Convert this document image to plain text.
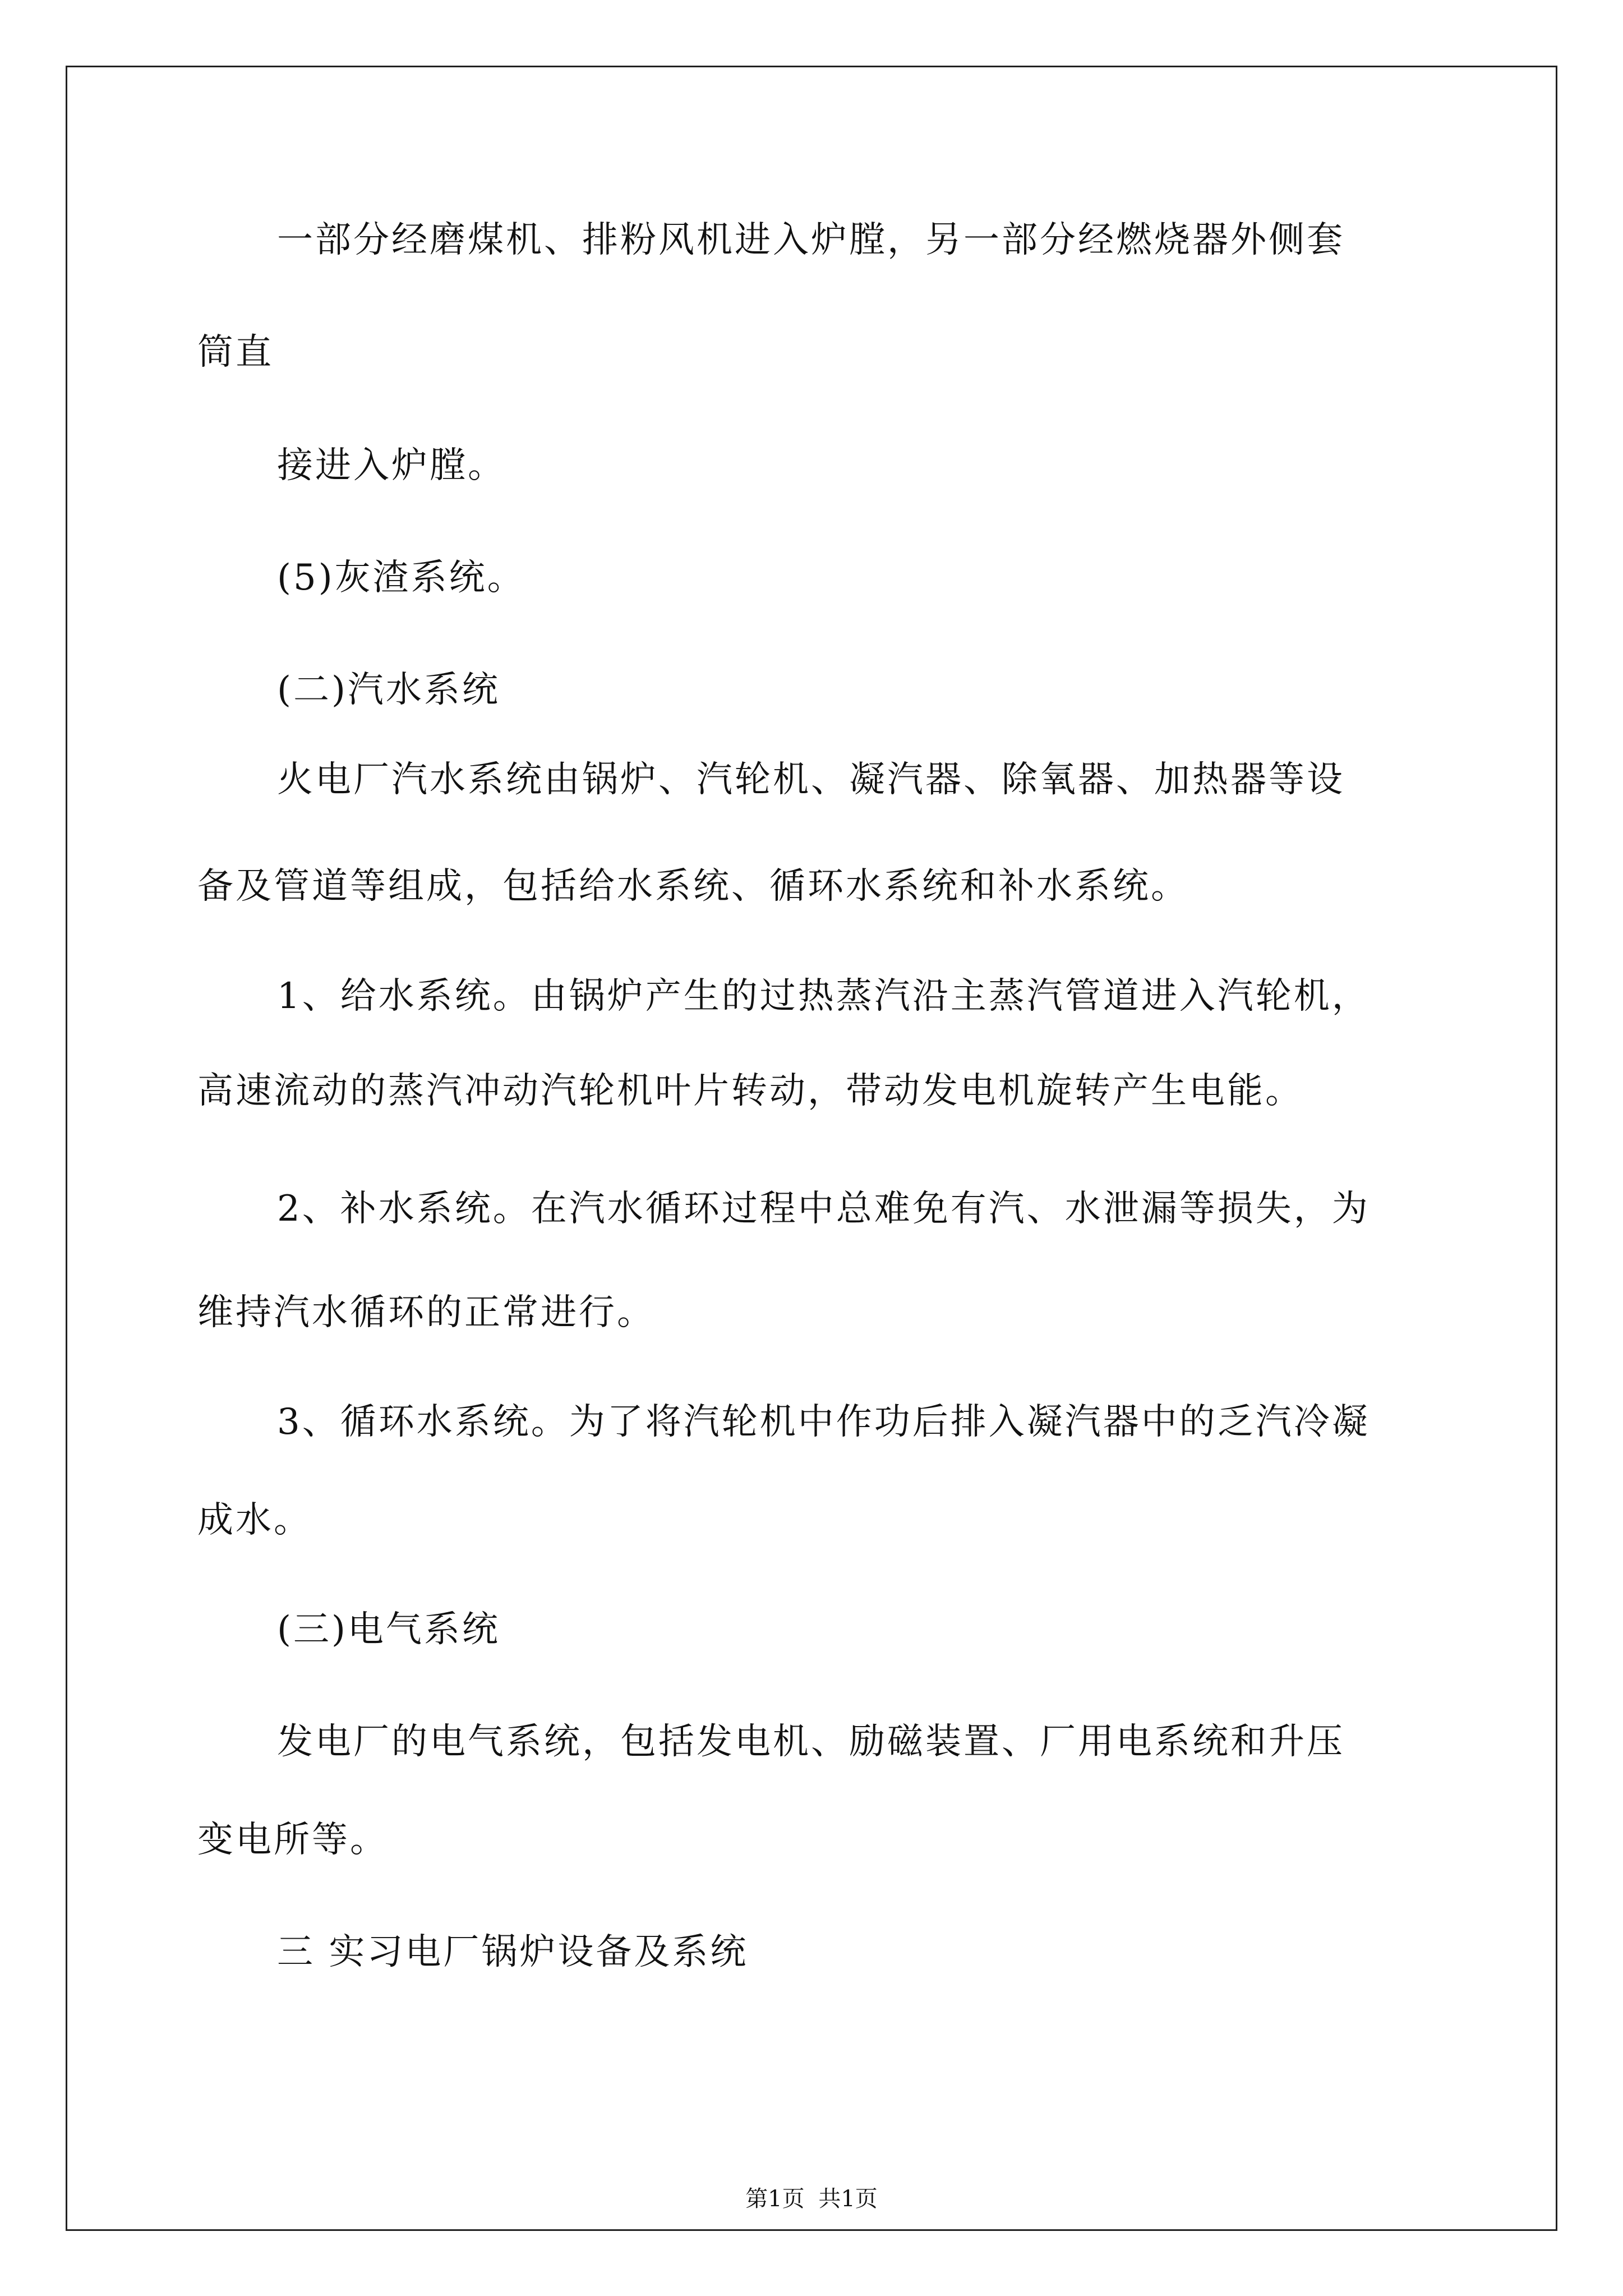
一部分经磨煤机、排粉风机进入炉膛，另一部分经燃烧器外侧套
筒直
接进入炉膛。
(5)灰渣系统。
(二)汽水系统
火电厂汽水系统由锅炉、汽轮机、凝汽器、除氧器、加热器等设
备及管道等组成，包括给水系统、循环水系统和补水系统。
1、给水系统。由锅炉产生的过热蒸汽沿主蒸汽管道进入汽轮机，
高速流动的蒸汽冲动汽轮机叶片转动，带动发电机旋转产生电能。
2、补水系统。在汽水循环过程中总难免有汽、水泄漏等损失，为
维持汽水循环的正常进行。
3、循环水系统。为了将汽轮机中作功后排入凝汽器中的乏汽冷凝
成水。
(三)电气系统
发电厂的电气系统，包括发电机、励磁装置、厂用电系统和升压
变电所等。
三 实习电厂锅炉设备及系统
第1页 共1页
